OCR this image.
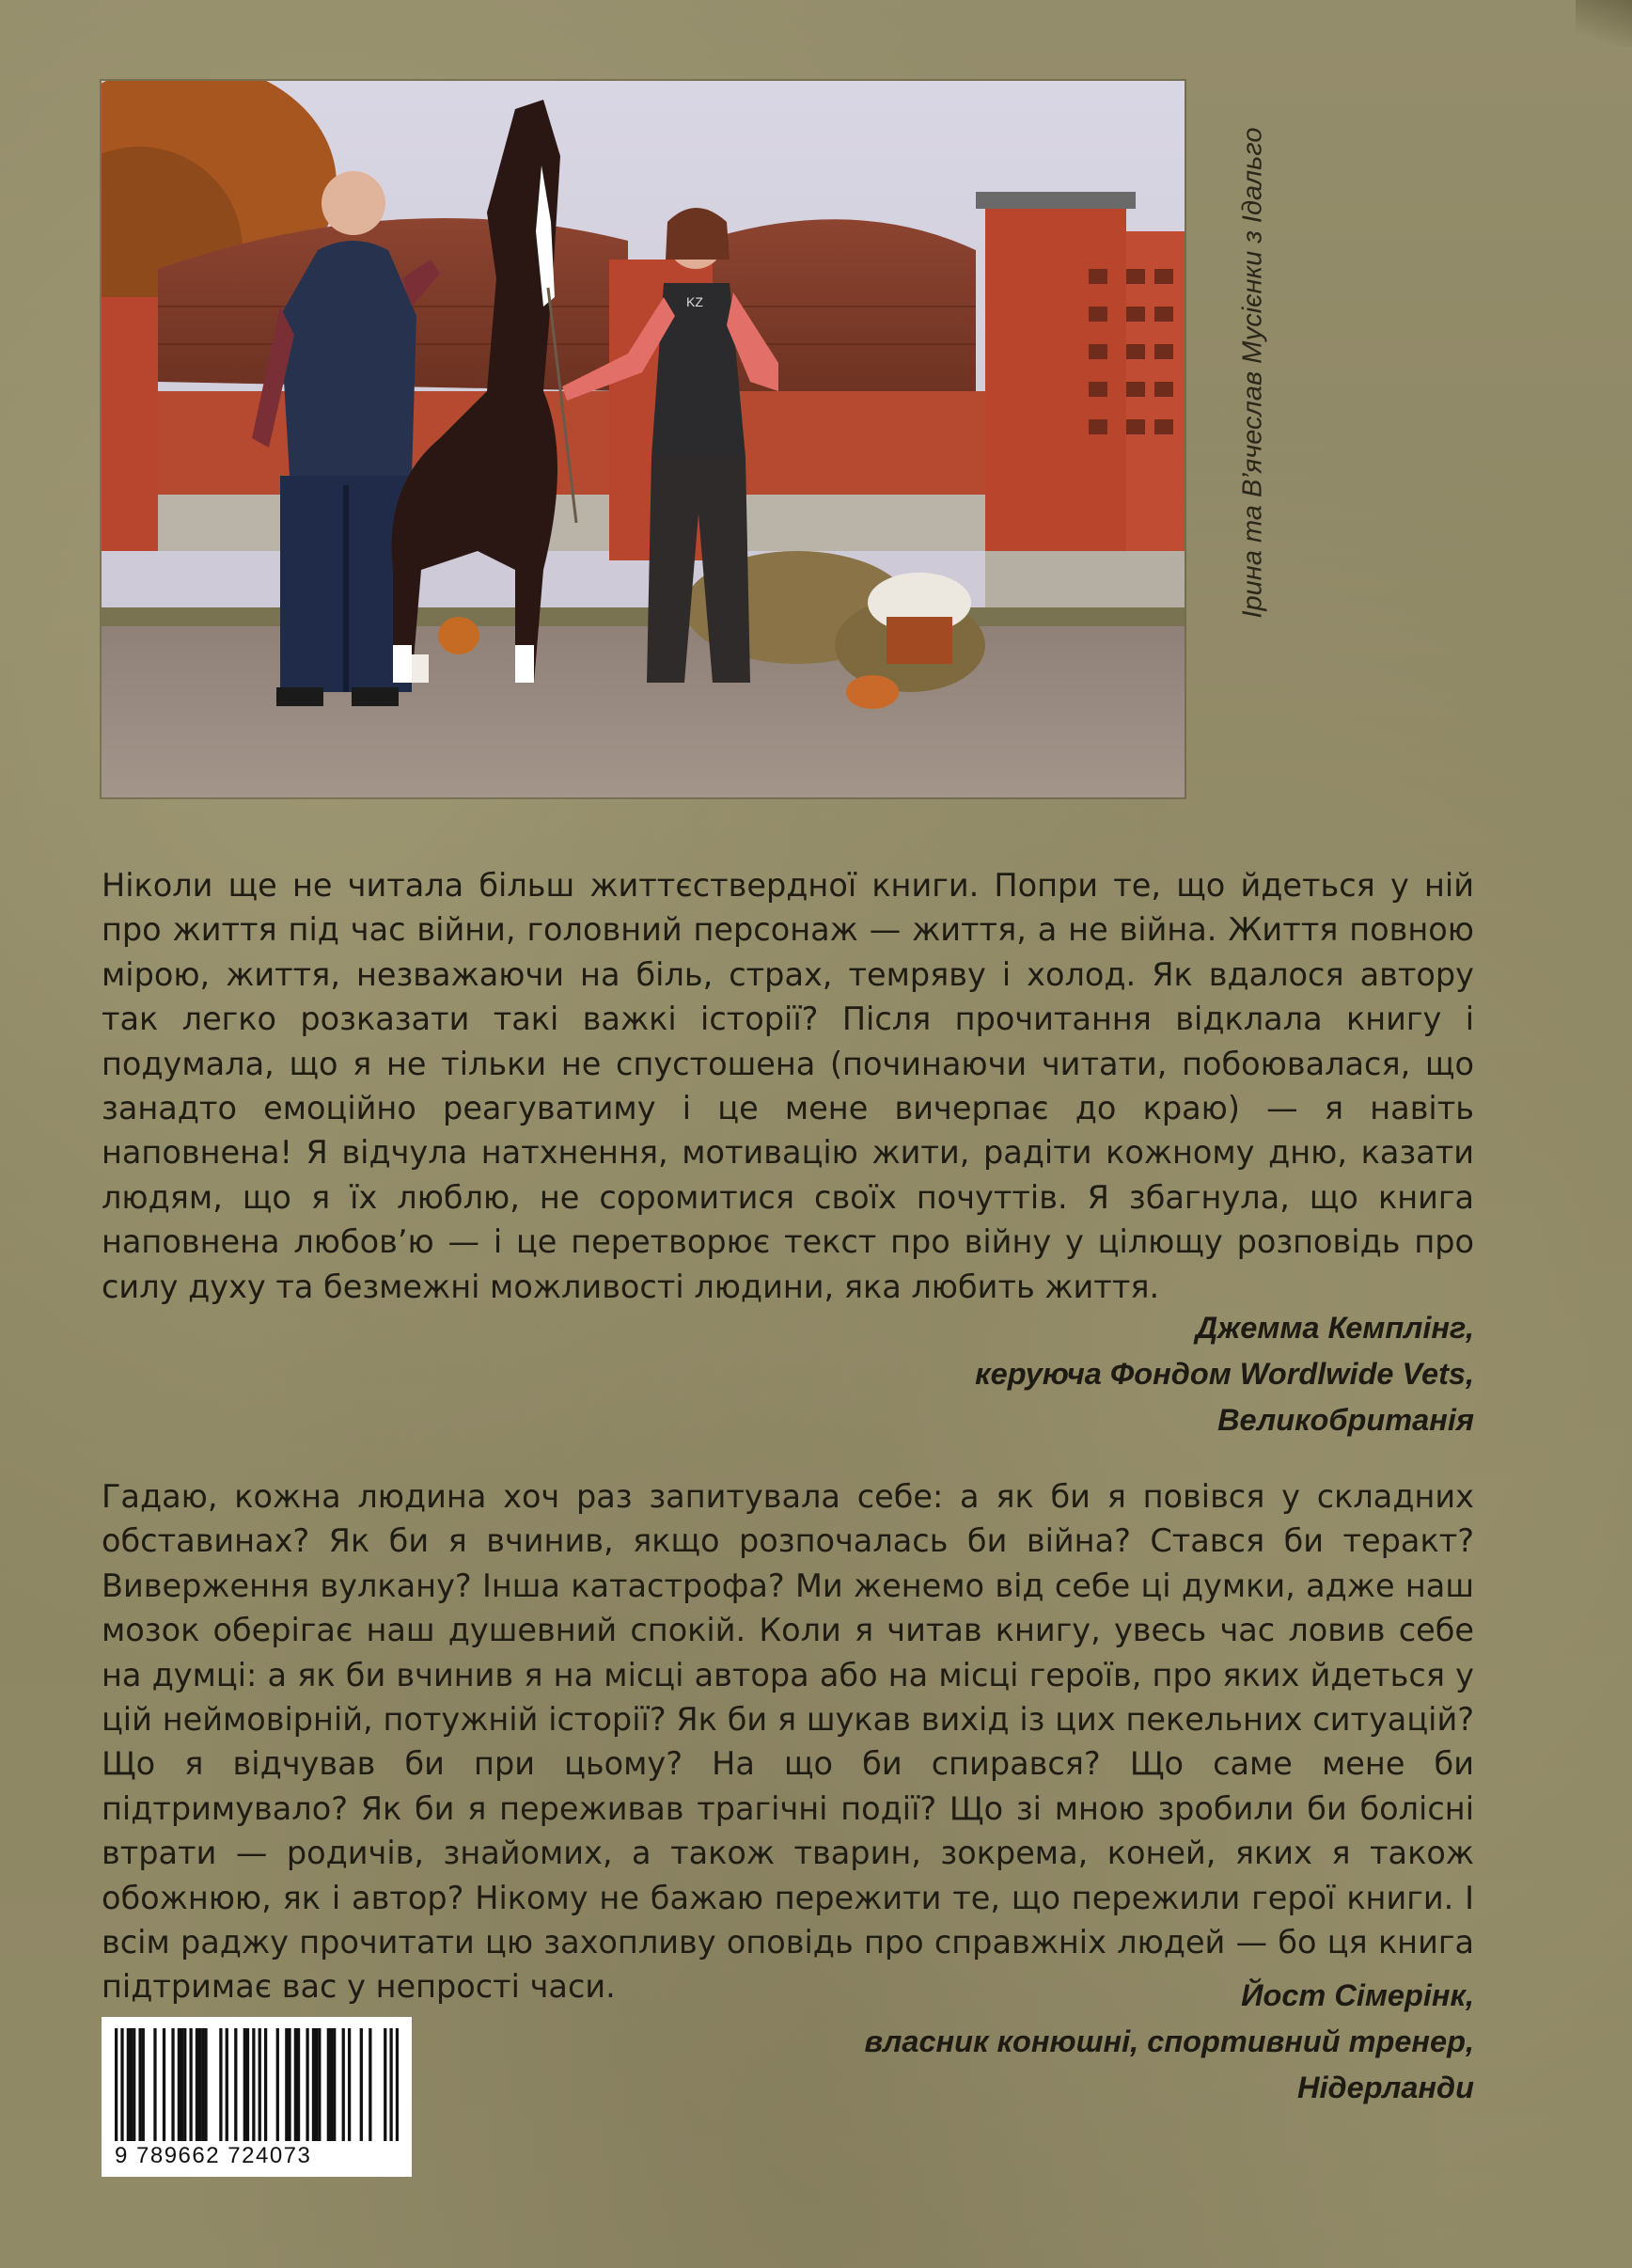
KZ	Ірина та В’ячеслав Мусієнки з Ідальго
Ніколи ще не читала більш життєствердної книги. Попри те, що йдеться у ній про життя під час війни, головний персонаж — життя, а не війна. Життя повною мірою, життя, незважаючи на біль, страх, темряву і холод. Як вдалося автору так легко розказати такі важкі історії? Після прочитання відклала книгу і подумала, що я не тільки не спустошена (починаючи читати, побоювалася, що занадто емоційно реагуватиму і це мене вичерпає до краю) — я навіть наповнена! Я відчула натхнення, мотивацію жити, радіти кожному дню, казати людям, що я їх люблю, не соромитися своїх почуттів. Я збагнула, що книга наповнена любов’ю — і це перетворює текст про війну у цілющу розповідь про силу духу та безмежні можливості людини, яка любить життя.
Джемма Кемплінг,
керуюча Фондом Wordlwide Vets,
Великобританія
Гадаю, кожна людина хоч раз запитувала себе: а як би я повівся у складних обставинах? Як би я вчинив, якщо розпочалась би війна? Стався би теракт? Виверження вулкану? Інша катастрофа? Ми женемо від себе ці думки, адже наш мозок оберігає наш душевний спокій. Коли я читав книгу, увесь час ловив себе на думці: а як би вчинив я на місці автора або на місці героїв, про яких йдеться у цій неймовірній, потужній історії? Як би я шукав вихід із цих пекельних ситуацій? Що я відчував би при цьому? На що би спирався? Що саме мене би підтримувало? Як би я переживав трагічні події? Що зі мною зробили би болісні втрати — родичів, знайомих, а також тварин, зокрема, коней, яких я також обожнюю, як і автор? Нікому не бажаю пережити те, що пережили герої книги. І всім раджу прочитати цю захопливу оповідь про справжніх людей — бо ця книга підтримає вас у непрості часи.	Йост Сімерінк,
власник конюшні, спортивний тренер,
Нідерланди
9 789662 724073
